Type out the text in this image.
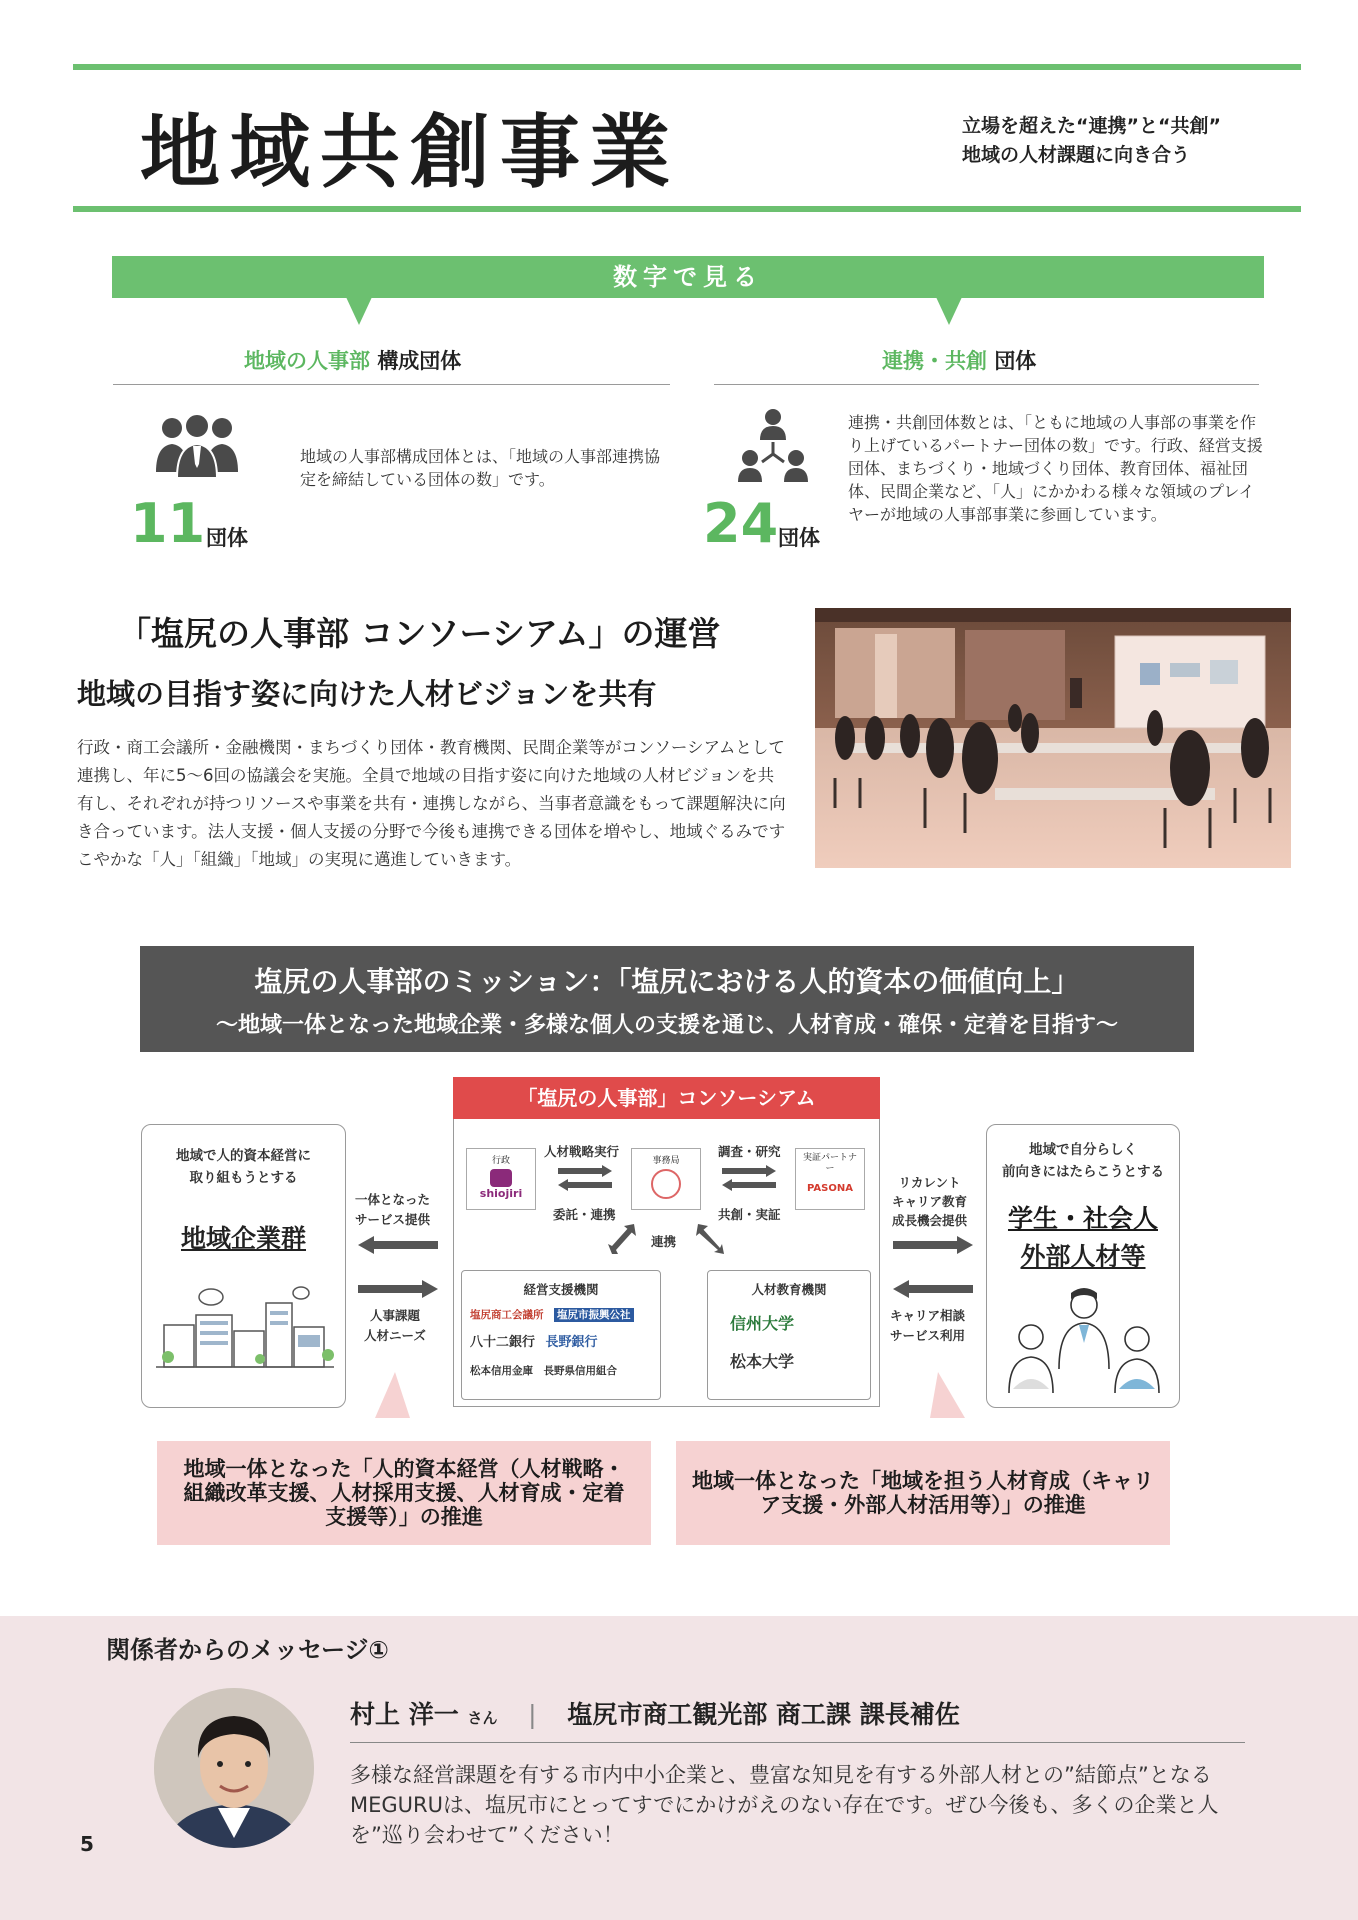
地域共創事業	立場を超えた“連携”と“共創”
地域の人材課題に向き合う
数字で見る
地域の人事部 構成団体
地域の人事部構成団体とは、「地域の人事部連携協定を締結している団体の数」です。
11 団体
連携・共創 団体
連携・共創団体数とは、「ともに地域の人事部の事業を作り上げているパートナー団体の数」です。行政、経営支援団体、まちづくり・地域づくり団体、教育団体、福祉団体、民間企業など、「人」にかかわる様々な領域のプレイヤーが地域の人事部事業に参画しています。
24 団体
「塩尻の人事部 コンソーシアム」の運営
地域の目指す姿に向けた人材ビジョンを共有
行政・商工会議所・金融機関・まちづくり団体・教育機関、民間企業等がコンソーシアムとして連携し、年に5〜6回の協議会を実施。全員で地域の目指す姿に向けた地域の人材ビジョンを共有し、それぞれが持つリソースや事業を共有・連携しながら、当事者意識をもって課題解決に向き合っています。法人支援・個人支援の分野で今後も連携できる団体を増やし、地域ぐるみですこやかな「人」「組織」「地域」の実現に邁進していきます。
塩尻の人事部のミッション：「塩尻における人的資本の価値向上」
〜地域一体となった地域企業・多様な個人の支援を通じ、人材育成・確保・定着を目指す〜
地域で人的資本経営に
取り組もうとする
地域企業群
一体となった
サービス提供
人事課題
人材ニーズ
「塩尻の人事部」コンソーシアム
行政
shiojiri
事務局	実証パートナー
PASONA
人材戦略実行
委託・連携
調査・研究
共創・実証
連携
経営支援機関
塩尻商工会議所　 塩尻市振興公社
八十二銀行　 長野銀行
松本信用金庫　 長野県信用組合
人材教育機関
信州大学
松本大学
リカレント
キャリア教育
成長機会提供
キャリア相談
サービス利用
地域で自分らしく
前向きにはたらこうとする
学生・社会人
外部人材等
地域一体となった「人的資本経営（人材戦略・
組織改革支援、人材採用支援、人材育成・定着
支援等）」の推進
地域一体となった「地域を担う人材育成（キャリ
ア支援・外部人材活用等）」の推進
関係者からのメッセージ①
村上 洋一 さん | 塩尻市商工観光部 商工課 課長補佐
多様な経営課題を有する市内中小企業と、豊富な知見を有する外部人材との”結節点”となるMEGURUは、塩尻市にとってすでにかけがえのない存在です。ぜひ今後も、多くの企業と人を”巡り会わせて”ください！
5
